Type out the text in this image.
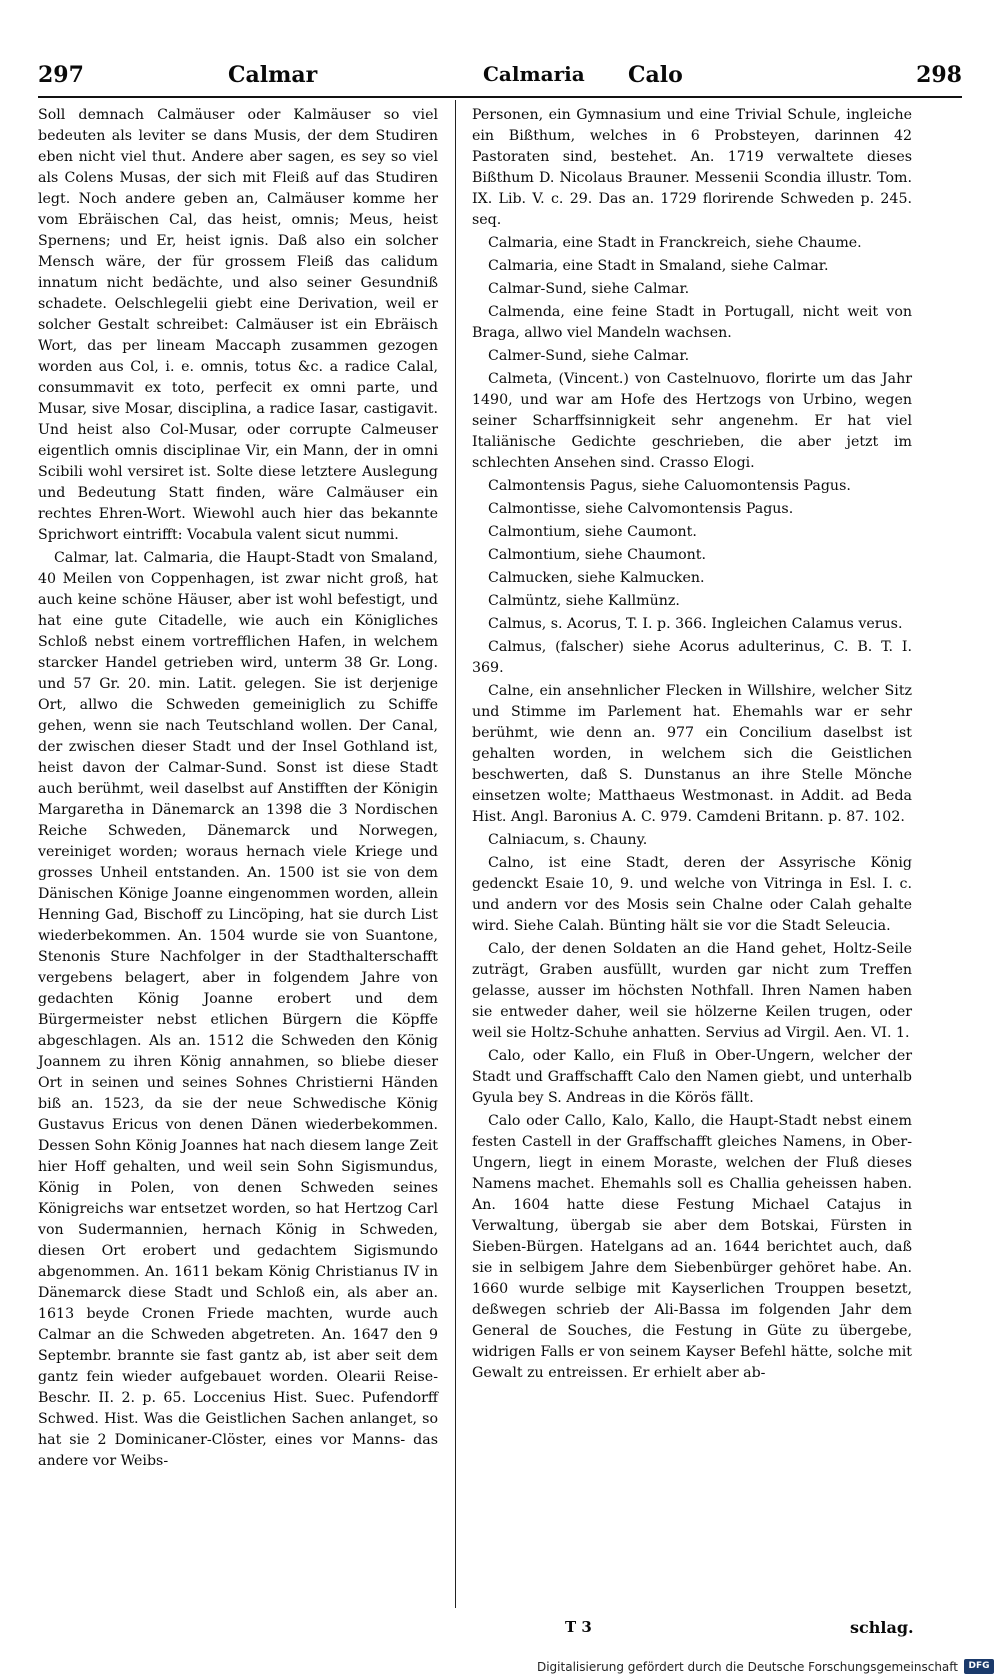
297	Calmar	Calmaria Calo	298

Soll demnach Calmäuser oder Kalmäuser so viel bedeuten als leviter se dans Musis, der dem Studiren eben nicht viel thut. Andere aber sagen, es sey so viel als Colens Musas, der sich mit Fleiß auf das Studiren legt. Noch andere geben an, Calmäuser komme her vom Ebräischen Cal, das heist, omnis; Meus, heist Spernens; und Er, heist ignis. Daß also ein solcher Mensch wäre, der für grossem Fleiß das calidum innatum nicht bedächte, und also seiner Gesundniß schadete. Oelschlegelii giebt eine Derivation, weil er solcher Gestalt schreibet: Calmäuser ist ein Ebräisch Wort, das per lineam Maccaph zusammen gezogen worden aus Col, i. e. omnis, totus &c. a radice Calal, consummavit ex toto, perfecit ex omni parte, und Musar, sive Mosar, disciplina, a radice Iasar, castigavit. Und heist also Col-Musar, oder corrupte Calmeuser eigentlich omnis disciplinae Vir, ein Mann, der in omni Scibili wohl versiret ist. Solte diese letztere Auslegung und Bedeutung Statt finden, wäre Calmäuser ein rechtes Ehren-Wort. Wiewohl auch hier das bekannte Sprichwort eintrifft: Vocabula valent sicut nummi.

Calmar, lat. Calmaria, die Haupt-Stadt von Smaland, 40 Meilen von Coppenhagen, ist zwar nicht groß, hat auch keine schöne Häuser, aber ist wohl befestigt, und hat eine gute Citadelle, wie auch ein Königliches Schloß nebst einem vortrefflichen Hafen, in welchem starcker Handel getrieben wird, unterm 38 Gr. Long. und 57 Gr. 20. min. Latit. gelegen. Sie ist derjenige Ort, allwo die Schweden gemeiniglich zu Schiffe gehen, wenn sie nach Teutschland wollen. Der Canal, der zwischen dieser Stadt und der Insel Gothland ist, heist davon der Calmar-Sund. Sonst ist diese Stadt auch berühmt, weil daselbst auf Anstifften der Königin Margaretha in Dänemarck an 1398 die 3 Nordischen Reiche Schweden, Dänemarck und Norwegen, vereiniget worden; woraus hernach viele Kriege und grosses Unheil entstanden. An. 1500 ist sie von dem Dänischen Könige Joanne eingenommen worden, allein Henning Gad, Bischoff zu Lincöping, hat sie durch List wiederbekommen. An. 1504 wurde sie von Suantone, Stenonis Sture Nachfolger in der Stadthalterschafft vergebens belagert, aber in folgendem Jahre von gedachten König Joanne erobert und dem Bürgermeister nebst etlichen Bürgern die Köpffe abgeschlagen. Als an. 1512 die Schweden den König Joannem zu ihren König annahmen, so bliebe dieser Ort in seinen und seines Sohnes Christierni Händen biß an. 1523, da sie der neue Schwedische König Gustavus Ericus von denen Dänen wiederbekommen. Dessen Sohn König Joannes hat nach diesem lange Zeit hier Hoff gehalten, und weil sein Sohn Sigismundus, König in Polen, von denen Schweden seines Königreichs war entsetzet worden, so hat Hertzog Carl von Sudermannien, hernach König in Schweden, diesen Ort erobert und gedachtem Sigismundo abgenommen. An. 1611 bekam König Christianus IV in Dänemarck diese Stadt und Schloß ein, als aber an. 1613 beyde Cronen Friede machten, wurde auch Calmar an die Schweden abgetreten. An. 1647 den 9 Septembr. brannte sie fast gantz ab, ist aber seit dem gantz fein wieder aufgebauet worden. Olearii Reise-Beschr. II. 2. p. 65. Loccenius Hist. Suec. Pufendorff Schwed. Hist. Was die Geistlichen Sachen anlanget, so hat sie 2 Dominicaner-Clöster, eines vor Manns- das andere vor Weibs-

Personen, ein Gymnasium und eine Trivial Schule, ingleiche ein Bißthum, welches in 6 Probsteyen, darinnen 42 Pastoraten sind, bestehet. An. 1719 verwaltete dieses Bißthum D. Nicolaus Brauner. Messenii Scondia illustr. Tom. IX. Lib. V. c. 29. Das an. 1729 florirende Schweden p. 245. seq.

Calmaria, eine Stadt in Franckreich, siehe Chaume.

Calmaria, eine Stadt in Smaland, siehe Calmar.

Calmar-Sund, siehe Calmar.

Calmenda, eine feine Stadt in Portugall, nicht weit von Braga, allwo viel Mandeln wachsen.

Calmer-Sund, siehe Calmar.

Calmeta, (Vincent.) von Castelnuovo, florirte um das Jahr 1490, und war am Hofe des Hertzogs von Urbino, wegen seiner Scharffsinnigkeit sehr angenehm. Er hat viel Italiänische Gedichte geschrieben, die aber jetzt im schlechten Ansehen sind. Crasso Elogi.

Calmontensis Pagus, siehe Caluomontensis Pagus.

Calmontisse, siehe Calvomontensis Pagus.

Calmontium, siehe Caumont.

Calmontium, siehe Chaumont.

Calmucken, siehe Kalmucken.

Calmüntz, siehe Kallmünz.

Calmus, s. Acorus, T. I. p. 366. Ingleichen Calamus verus.

Calmus, (falscher) siehe Acorus adulterinus, C. B. T. I. 369.

Calne, ein ansehnlicher Flecken in Willshire, welcher Sitz und Stimme im Parlement hat. Ehemahls war er sehr berühmt, wie denn an. 977 ein Concilium daselbst ist gehalten worden, in welchem sich die Geistlichen beschwerten, daß S. Dunstanus an ihre Stelle Mönche einsetzen wolte; Matthaeus Westmonast. in Addit. ad Beda Hist. Angl. Baronius A. C. 979. Camdeni Britann. p. 87. 102.

Calniacum, s. Chauny.

Calno, ist eine Stadt, deren der Assyrische König gedenckt Esaie 10, 9. und welche von Vitringa in Esl. I. c. und andern vor des Mosis sein Chalne oder Calah gehalte wird. Siehe Calah. Bünting hält sie vor die Stadt Seleucia.

Calo, der denen Soldaten an die Hand gehet, Holtz-Seile zuträgt, Graben ausfüllt, wurden gar nicht zum Treffen gelasse, ausser im höchsten Nothfall. Ihren Namen haben sie entweder daher, weil sie hölzerne Keilen trugen, oder weil sie Holtz-Schuhe anhatten. Servius ad Virgil. Aen. VI. 1.

Calo, oder Kallo, ein Fluß in Ober-Ungern, welcher der Stadt und Graffschafft Calo den Namen giebt, und unterhalb Gyula bey S. Andreas in die Körös fällt.

Calo oder Callo, Kalo, Kallo, die Haupt-Stadt nebst einem festen Castell in der Graffschafft gleiches Namens, in Ober-Ungern, liegt in einem Moraste, welchen der Fluß dieses Namens machet. Ehemahls soll es Challia geheissen haben. An. 1604 hatte diese Festung Michael Catajus in Verwaltung, übergab sie aber dem Botskai, Fürsten in Sieben-Bürgen. Hatelgans ad an. 1644 berichtet auch, daß sie in selbigem Jahre dem Siebenbürger gehöret habe. An. 1660 wurde selbige mit Kayserlichen Trouppen besetzt, deßwegen schrieb der Ali-Bassa im folgenden Jahr dem General de Souches, die Festung in Güte zu übergebe, widrigen Falls er von seinem Kayser Befehl hätte, solche mit Gewalt zu entreissen. Er erhielt aber ab-

T 3	schlag.
Digitalisierung gefördert durch die Deutsche Forschungsgemeinschaft	DFG
